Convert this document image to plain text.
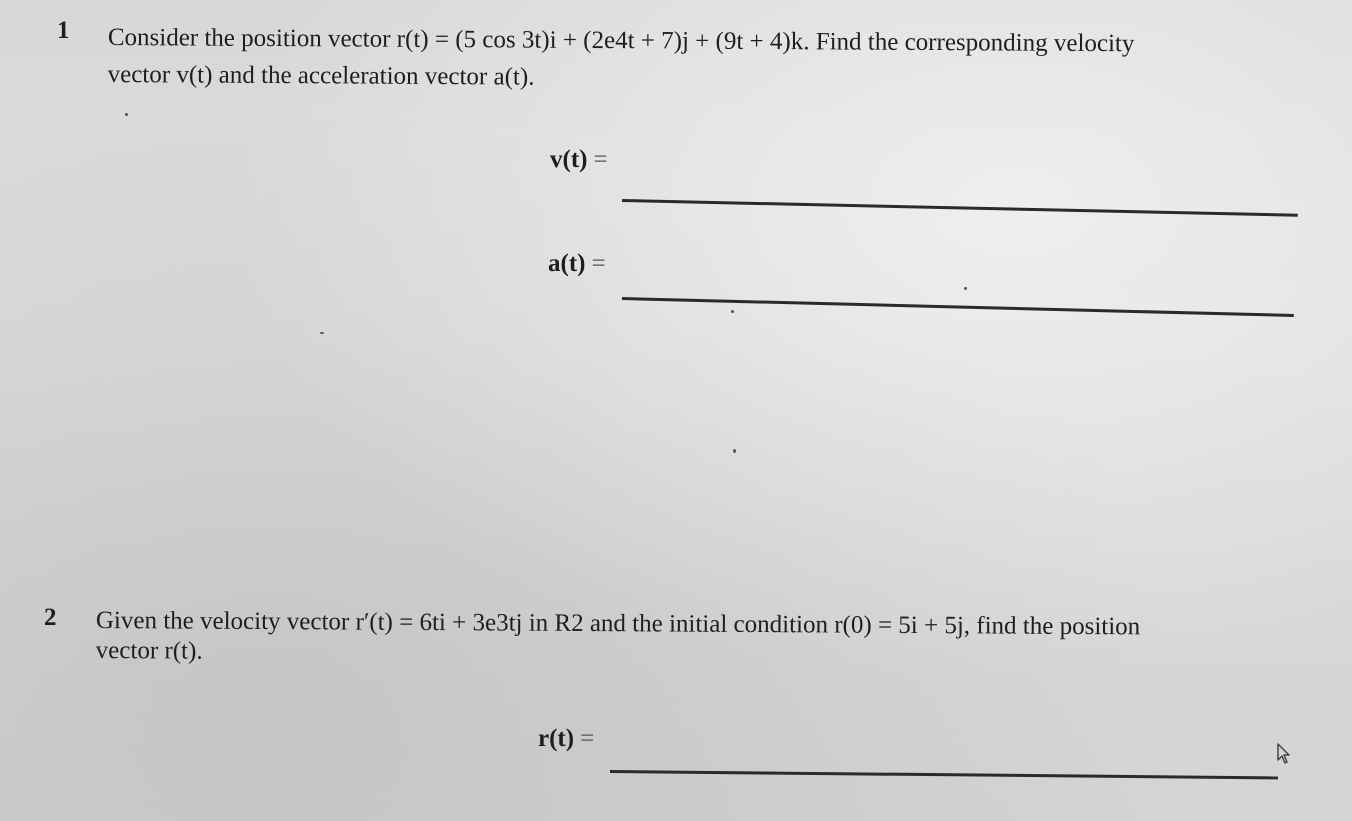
1 Consider the position vector r(t) = (5 cos 3t)i + (2e4t + 7)j + (9t + 4)k. Find the corresponding velocity
vector v(t) and the acceleration vector a(t).
v(t) =
a(t) =
2 Given the velocity vector r′(t) = 6ti + 3e3tj in R2 and the initial condition r(0) = 5i + 5j, find the position
vector r(t).
r(t) =
